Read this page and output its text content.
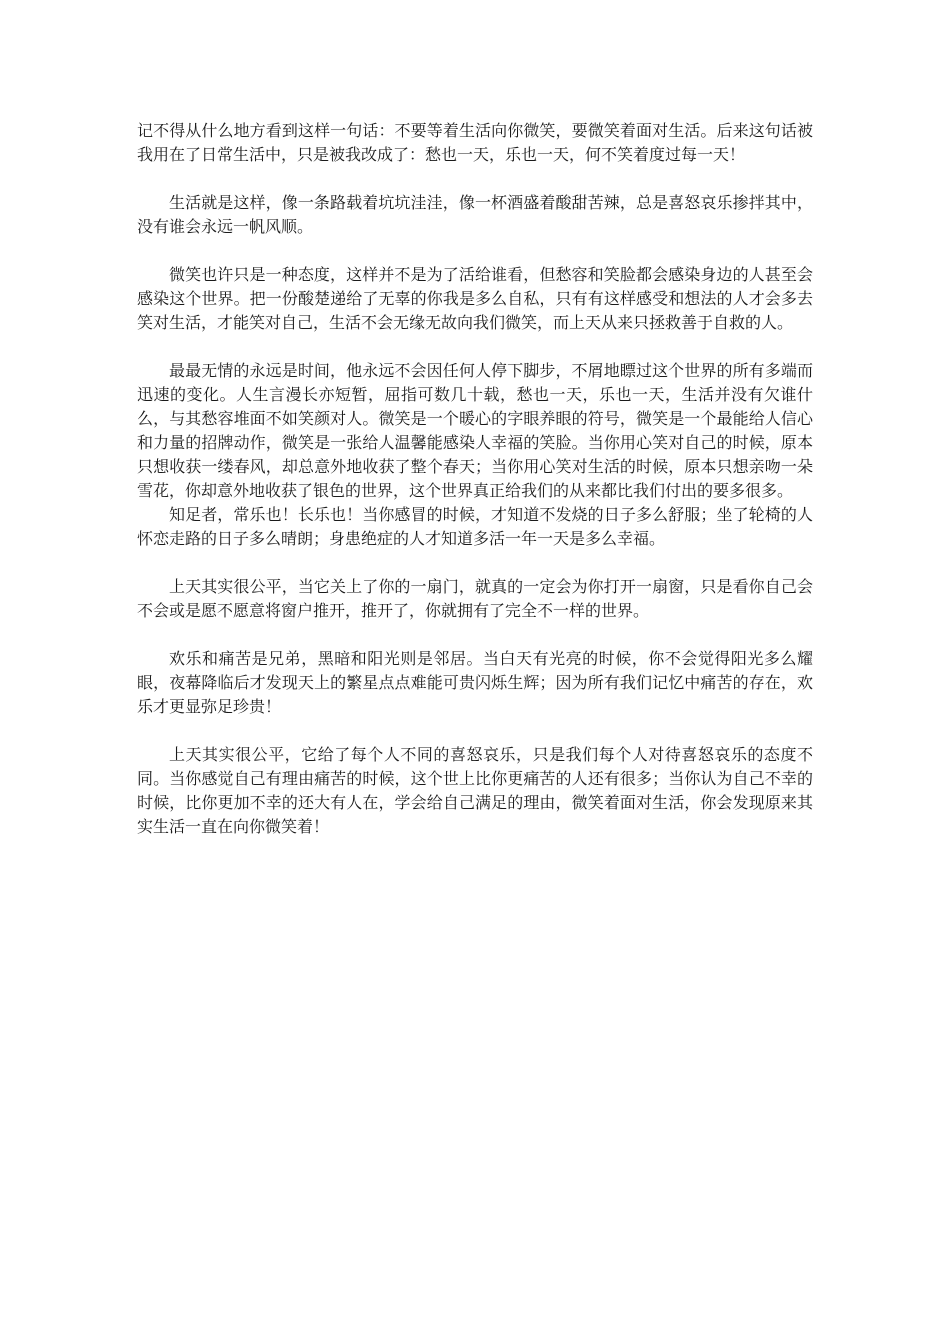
记不得从什么地方看到这样一句话：不要等着生活向你微笑，要微笑着面对生活。后来这句话被我用在了日常生活中，只是被我改成了：愁也一天，乐也一天，何不笑着度过每一天！

生活就是这样，像一条路载着坑坑洼洼，像一杯酒盛着酸甜苦辣，总是喜怒哀乐掺拌其中，没有谁会永远一帆风顺。

微笑也许只是一种态度，这样并不是为了活给谁看，但愁容和笑脸都会感染身边的人甚至会感染这个世界。把一份酸楚递给了无辜的你我是多么自私，只有有这样感受和想法的人才会多去笑对生活，才能笑对自己，生活不会无缘无故向我们微笑，而上天从来只拯救善于自救的人。

最最无情的永远是时间，他永远不会因任何人停下脚步，不屑地瞟过这个世界的所有多端而迅速的变化。人生言漫长亦短暂，屈指可数几十载，愁也一天，乐也一天，生活并没有欠谁什么，与其愁容堆面不如笑颜对人。微笑是一个暖心的字眼养眼的符号，微笑是一个最能给人信心和力量的招牌动作，微笑是一张给人温馨能感染人幸福的笑脸。当你用心笑对自己的时候，原本只想收获一缕春风，却总意外地收获了整个春天；当你用心笑对生活的时候，原本只想亲吻一朵雪花，你却意外地收获了银色的世界，这个世界真正给我们的从来都比我们付出的要多很多。

知足者，常乐也！长乐也！当你感冒的时候，才知道不发烧的日子多么舒服；坐了轮椅的人怀恋走路的日子多么晴朗；身患绝症的人才知道多活一年一天是多么幸福。

上天其实很公平，当它关上了你的一扇门，就真的一定会为你打开一扇窗，只是看你自己会不会或是愿不愿意将窗户推开，推开了，你就拥有了完全不一样的世界。

欢乐和痛苦是兄弟，黑暗和阳光则是邻居。当白天有光亮的时候，你不会觉得阳光多么耀眼，夜幕降临后才发现天上的繁星点点难能可贵闪烁生辉；因为所有我们记忆中痛苦的存在，欢乐才更显弥足珍贵！

上天其实很公平，它给了每个人不同的喜怒哀乐，只是我们每个人对待喜怒哀乐的态度不同。当你感觉自己有理由痛苦的时候，这个世上比你更痛苦的人还有很多；当你认为自己不幸的时候，比你更加不幸的还大有人在，学会给自己满足的理由，微笑着面对生活，你会发现原来其实生活一直在向你微笑着！
